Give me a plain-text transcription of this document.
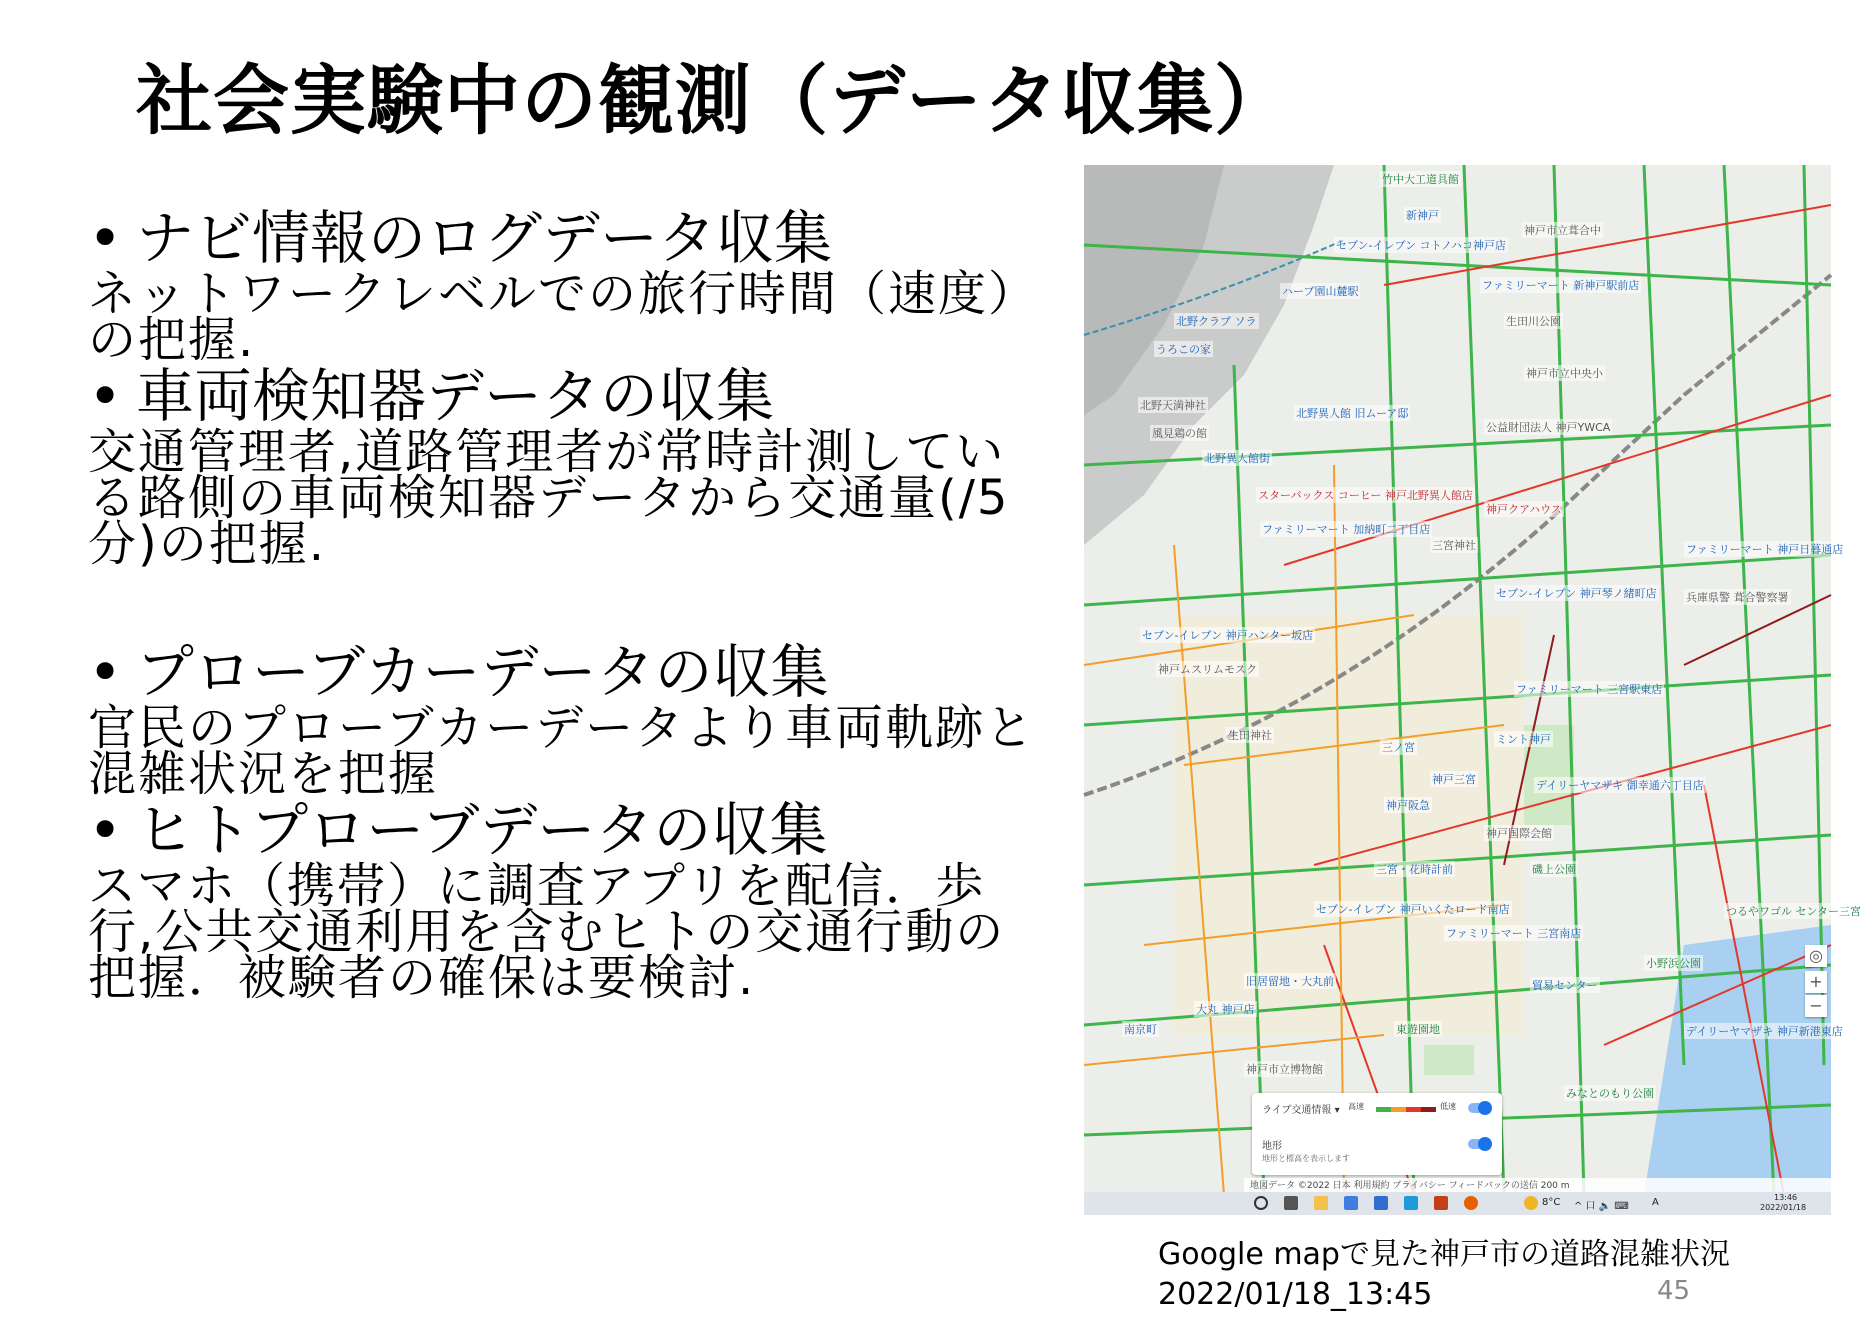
社会実験中の観測（データ収集）
• ナビ情報のログデータ収集
ネットワークレベルでの旅行時間（速度）の把握.
• 車両検知器データの収集
交通管理者,道路管理者が常時計測している路側の車両検知器データから交通量(/5分)の把握.
• プローブカーデータの収集
官民のプローブカーデータより車両軌跡と混雑状況を把握
• ヒトプローブデータの収集
スマホ（携帯）に調査アプリを配信．歩行,公共交通利用を含むヒトの交通行動の把握．被験者の確保は要検討.
竹中大工道具館
新神戸
セブン-イレブン コトノハコ神戸店
ハーブ園山麓駅
北野クラブ ソラ
うろこの家
北野天満神社
風見鶏の館
北野異人館 旧ムーア邸
北野異人館街
スターバックス コーヒー 神戸北野異人館店
ファミリーマート 加納町二丁目店
神戸市立葺合中
神戸市立中央小
公益財団法人 神戸YWCA
ファミリーマート 新神戸駅前店
生田川公園
神戸クアハウス
三宮神社
セブン-イレブン 神戸琴ノ緒町店
ファミリーマート 神戸日暮通店
兵庫県警 葺合警察署
セブン-イレブン 神戸ハンター坂店
神戸ムスリムモスク
ファミリーマート 三宮駅東店
生田神社
三ノ宮
ミント神戸
神戸三宮
神戸阪急
デイリーヤマザキ 御幸通六丁目店
三宮・花時計前
神戸国際会館
磯上公園
セブン-イレブン 神戸いくたロード南店
ファミリーマート 三宮南店
貿易センター
大丸 神戸店
旧居留地・大丸前
東遊園地
南京町
小野浜公園
みなとのもり公園
デイリーヤマザキ 神戸新港東店
神戸市立博物館
つるやワゴル センター三宮
ライブ交通情報 ▾ 高速	低速
地形
地形と標高を表示します
◎
+
−
地図データ ©2022 日本 利用規約 プライバシー フィードバックの送信 200 m
8°C ^ 口 🔈 ⌨ A	13:46
2022/01/18
Google mapで見た神戸市の道路混雑状況
2022/01/18_13:45	45
